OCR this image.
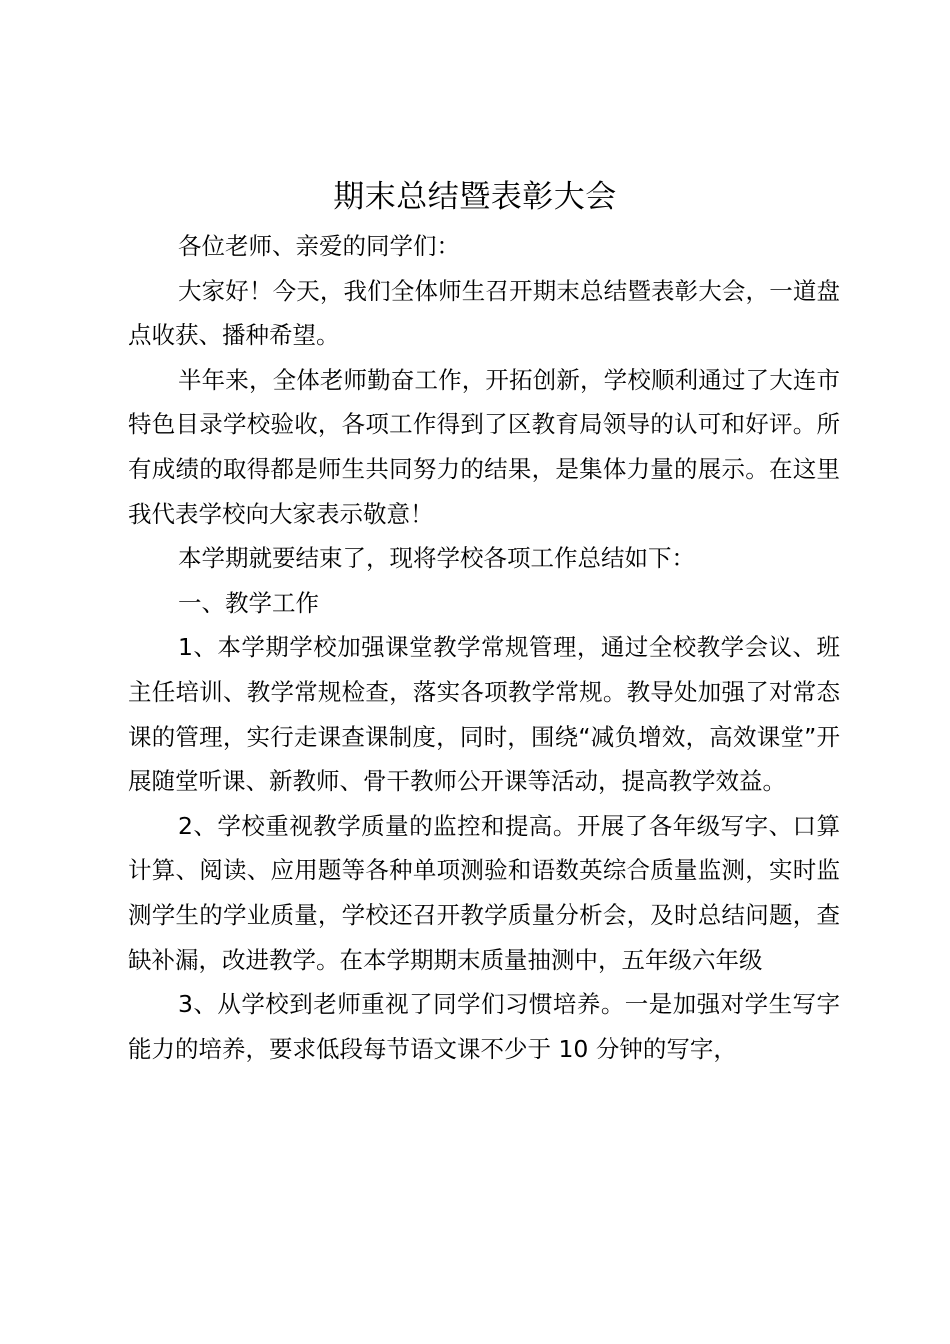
期末总结暨表彰大会

各位老师、亲爱的同学们：

大家好！今天，我们全体师生召开期末总结暨表彰大会，一道盘点收获、播种希望。

半年来，全体老师勤奋工作，开拓创新，学校顺利通过了大连市特色目录学校验收，各项工作得到了区教育局领导的认可和好评。所有成绩的取得都是师生共同努力的结果，是集体力量的展示。在这里我代表学校向大家表示敬意！

本学期就要结束了，现将学校各项工作总结如下：

一、教学工作

1、本学期学校加强课堂教学常规管理，通过全校教学会议、班主任培训、教学常规检查，落实各项教学常规。教导处加强了对常态课的管理，实行走课查课制度，同时，围绕“减负增效，高效课堂”开展随堂听课、新教师、骨干教师公开课等活动，提高教学效益。

2、学校重视教学质量的监控和提高。开展了各年级写字、口算计算、阅读、应用题等各种单项测验和语数英综合质量监测，实时监测学生的学业质量，学校还召开教学质量分析会，及时总结问题，查缺补漏，改进教学。在本学期期末质量抽测中，五年级六年级

3、从学校到老师重视了同学们习惯培养。一是加强对学生写字能力的培养，要求低段每节语文课不少于 10 分钟的写字，
